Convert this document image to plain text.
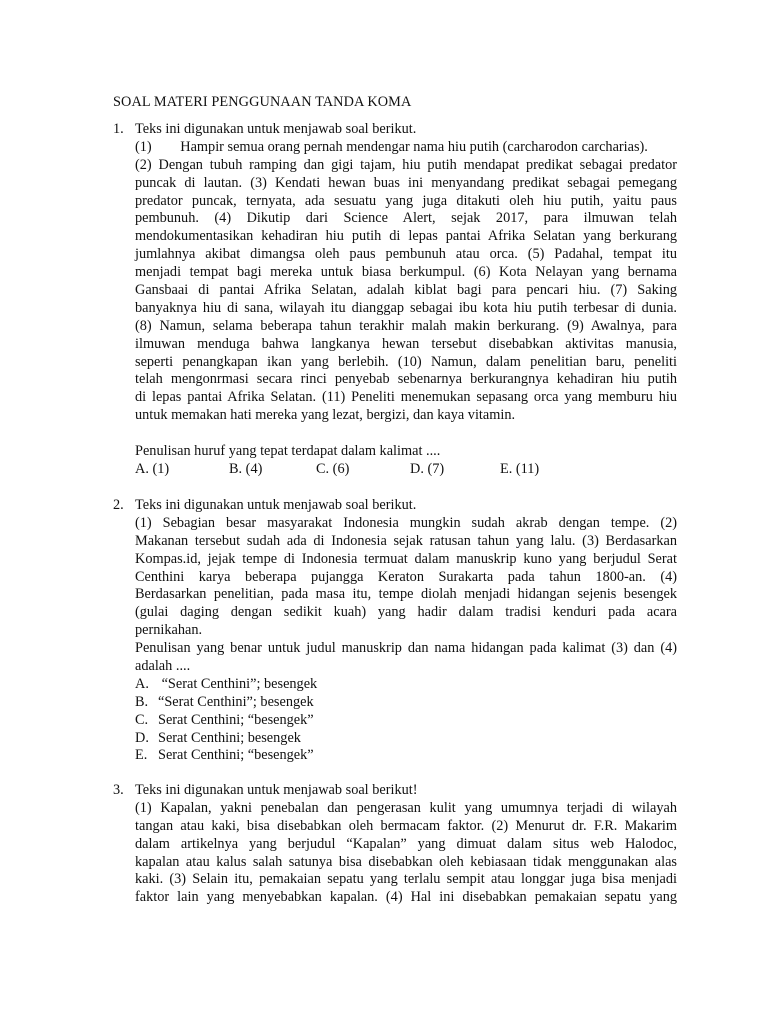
SOAL MATERI PENGGUNAAN TANDA KOMA
1. Teks ini digunakan untuk menjawab soal berikut.
(1)        Hampir semua orang pernah mendengar nama hiu putih (carcharodon carcharias).
(2) Dengan tubuh ramping dan gigi tajam, hiu putih mendapat predikat sebagai predator
puncak di lautan. (3) Kendati hewan buas ini menyandang predikat sebagai pemegang
predator puncak, ternyata, ada sesuatu yang juga ditakuti oleh hiu putih, yaitu paus
pembunuh. (4) Dikutip dari Science Alert, sejak 2017, para ilmuwan telah
mendokumentasikan kehadiran hiu putih di lepas pantai Afrika Selatan yang berkurang
jumlahnya akibat dimangsa oleh paus pembunuh atau orca. (5) Padahal, tempat itu
menjadi tempat bagi mereka untuk biasa berkumpul. (6) Kota Nelayan yang bernama
Gansbaai di pantai Afrika Selatan, adalah kiblat bagi para pencari hiu. (7) Saking
banyaknya hiu di sana, wilayah itu dianggap sebagai ibu kota hiu putih terbesar di dunia.
(8) Namun, selama beberapa tahun terakhir malah makin berkurang. (9) Awalnya, para
ilmuwan menduga bahwa langkanya hewan tersebut disebabkan aktivitas manusia,
seperti penangkapan ikan yang berlebih. (10) Namun, dalam penelitian baru, peneliti
telah mengonrmasi secara rinci penyebab sebenarnya berkurangnya kehadiran hiu putih
di lepas pantai Afrika Selatan. (11) Peneliti menemukan sepasang orca yang memburu hiu
untuk memakan hati mereka yang lezat, bergizi, dan kaya vitamin.
Penulisan huruf yang tepat terdapat dalam kalimat ....
A. (1)	B. (4)	C. (6)	D. (7)	E. (11)
2. Teks ini digunakan untuk menjawab soal berikut.
(1) Sebagian besar masyarakat Indonesia mungkin sudah akrab dengan tempe. (2)
Makanan tersebut sudah ada di Indonesia sejak ratusan tahun yang lalu. (3) Berdasarkan
Kompas.id, jejak tempe di Indonesia termuat dalam manuskrip kuno yang berjudul Serat
Centhini karya beberapa pujangga Keraton Surakarta pada tahun 1800-an. (4)
Berdasarkan penelitian, pada masa itu, tempe diolah menjadi hidangan sejenis besengek
(gulai daging dengan sedikit kuah) yang hadir dalam tradisi kenduri pada acara
pernikahan.
Penulisan yang benar untuk judul manuskrip dan nama hidangan pada kalimat (3) dan (4)
adalah ....
A. “Serat Centhini”; besengek
B. “Serat Centhini”; besengek
C. Serat Centhini; “besengek”
D. Serat Centhini; besengek
E. Serat Centhini; “besengek”
3. Teks ini digunakan untuk menjawab soal berikut!
(1) Kapalan, yakni penebalan dan pengerasan kulit yang umumnya terjadi di wilayah
tangan atau kaki, bisa disebabkan oleh bermacam faktor. (2) Menurut dr. F.R. Makarim
dalam artikelnya yang berjudul “Kapalan” yang dimuat dalam situs web Halodoc,
kapalan atau kalus salah satunya bisa disebabkan oleh kebiasaan tidak menggunakan alas
kaki. (3) Selain itu, pemakaian sepatu yang terlalu sempit atau longgar juga bisa menjadi
faktor lain yang menyebabkan kapalan. (4) Hal ini disebabkan pemakaian sepatu yang
